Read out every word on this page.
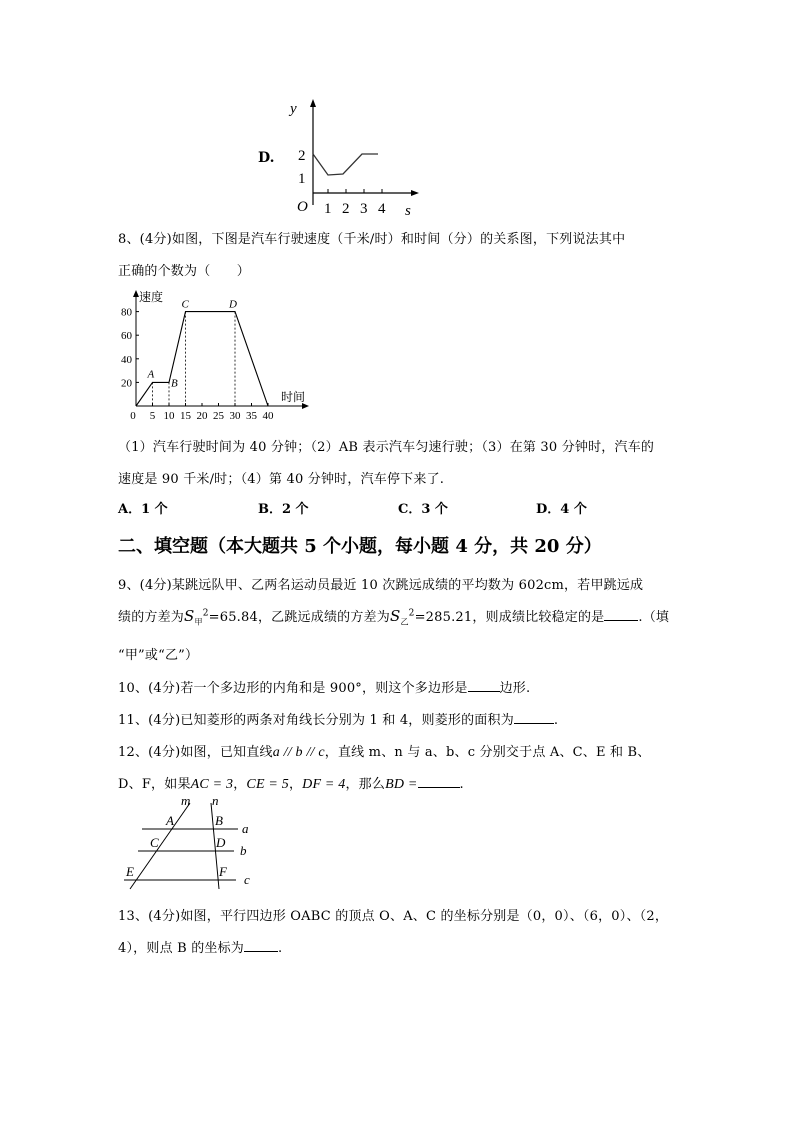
D.
y
O	s
2
1
1 2 3 4
8、(4分)如图，下图是汽车行驶速度（千米/时）和时间（分）的关系图，下列说法其中
正确的个数为（　　）
速度
时间
20
40
60
80
0 5 10 15 20 25 30 35 40
A
B
C	D
（1）汽车行驶时间为 40 分钟；（2）AB 表示汽车匀速行驶；（3）在第 30 分钟时，汽车的
速度是 90 千米/时；（4）第 40 分钟时，汽车停下来了.
A．1 个	B．2 个	C．3 个	D．4 个
二、填空题（本大题共 5 个小题，每小题 4 分，共 20 分）
9、(4分)某跳远队甲、乙两名运动员最近 10 次跳远成绩的平均数为 602cm，若甲跳远成
绩的方差为$S_甲^2=65.84$，乙跳远成绩的方差为$S_乙^2=285.21$，则成绩比较稳定的是	.（填
“甲”或“乙”）
10、(4分)若一个多边形的内角和是 900°，则这个多边形是 边形.
11、(4分)已知菱形的两条对角线长分别为 1 和 4，则菱形的面积为	.
12、(4分)如图，已知直线a // b // c，直线 m、n 与 a、b、c 分别交于点 A、C、E 和 B、
D、F，如果AC = 3，CE = 5，DF = 4，那么BD =	.
m n
A	B
a
C	D
b
E	F
c
13、(4分)如图，平行四边形 OABC 的顶点 O、A、C 的坐标分别是（0，0）、（6，0）、（2，
4），则点 B 的坐标为	.
